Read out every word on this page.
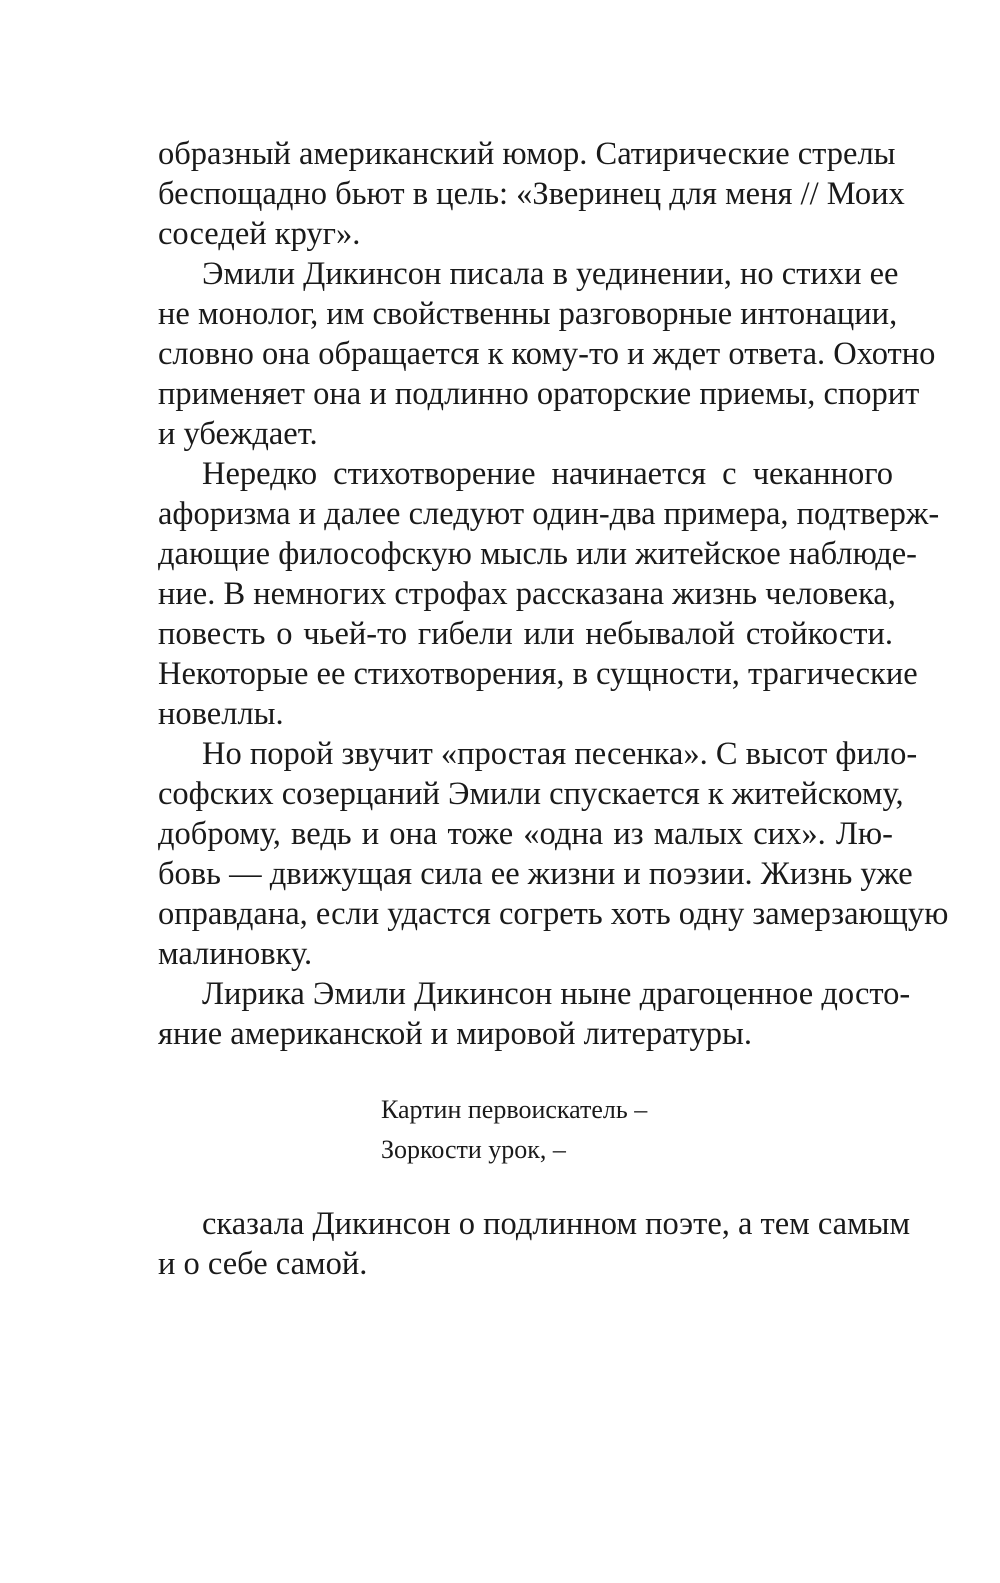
образный американский юмор. Сатирические стрелы
беспощадно бьют в цель: «Зверинец для меня // Моих
соседей круг».
Эмили Дикинсон писала в уединении, но стихи ее
не монолог, им свойственны разговорные интонации,
словно она обращается к кому-то и ждет ответа. Охотно
применяет она и подлинно ораторские приемы, спорит
и убеждает.
Нередко стихотворение начинается с чеканного
афоризма и далее следуют один-два примера, подтверж-
дающие философскую мысль или житейское наблюде-
ние. В немногих строфах рассказана жизнь человека,
повесть о чьей-то гибели или небывалой стойкости.
Некоторые ее стихотворения, в сущности, трагические
новеллы.
Но порой звучит «простая песенка». С высот фило-
софских созерцаний Эмили спускается к житейскому,
доброму, ведь и она тоже «одна из малых сих». Лю-
бовь — движущая сила ее жизни и поэзии. Жизнь уже
оправдана, если удастся согреть хоть одну замерзающую
малиновку.
Лирика Эмили Дикинсон ныне драгоценное досто-
яние американской и мировой литературы.
Картин первоискатель –
Зоркости урок, –
сказала Дикинсон о подлинном поэте, а тем самым
и о себе самой.
